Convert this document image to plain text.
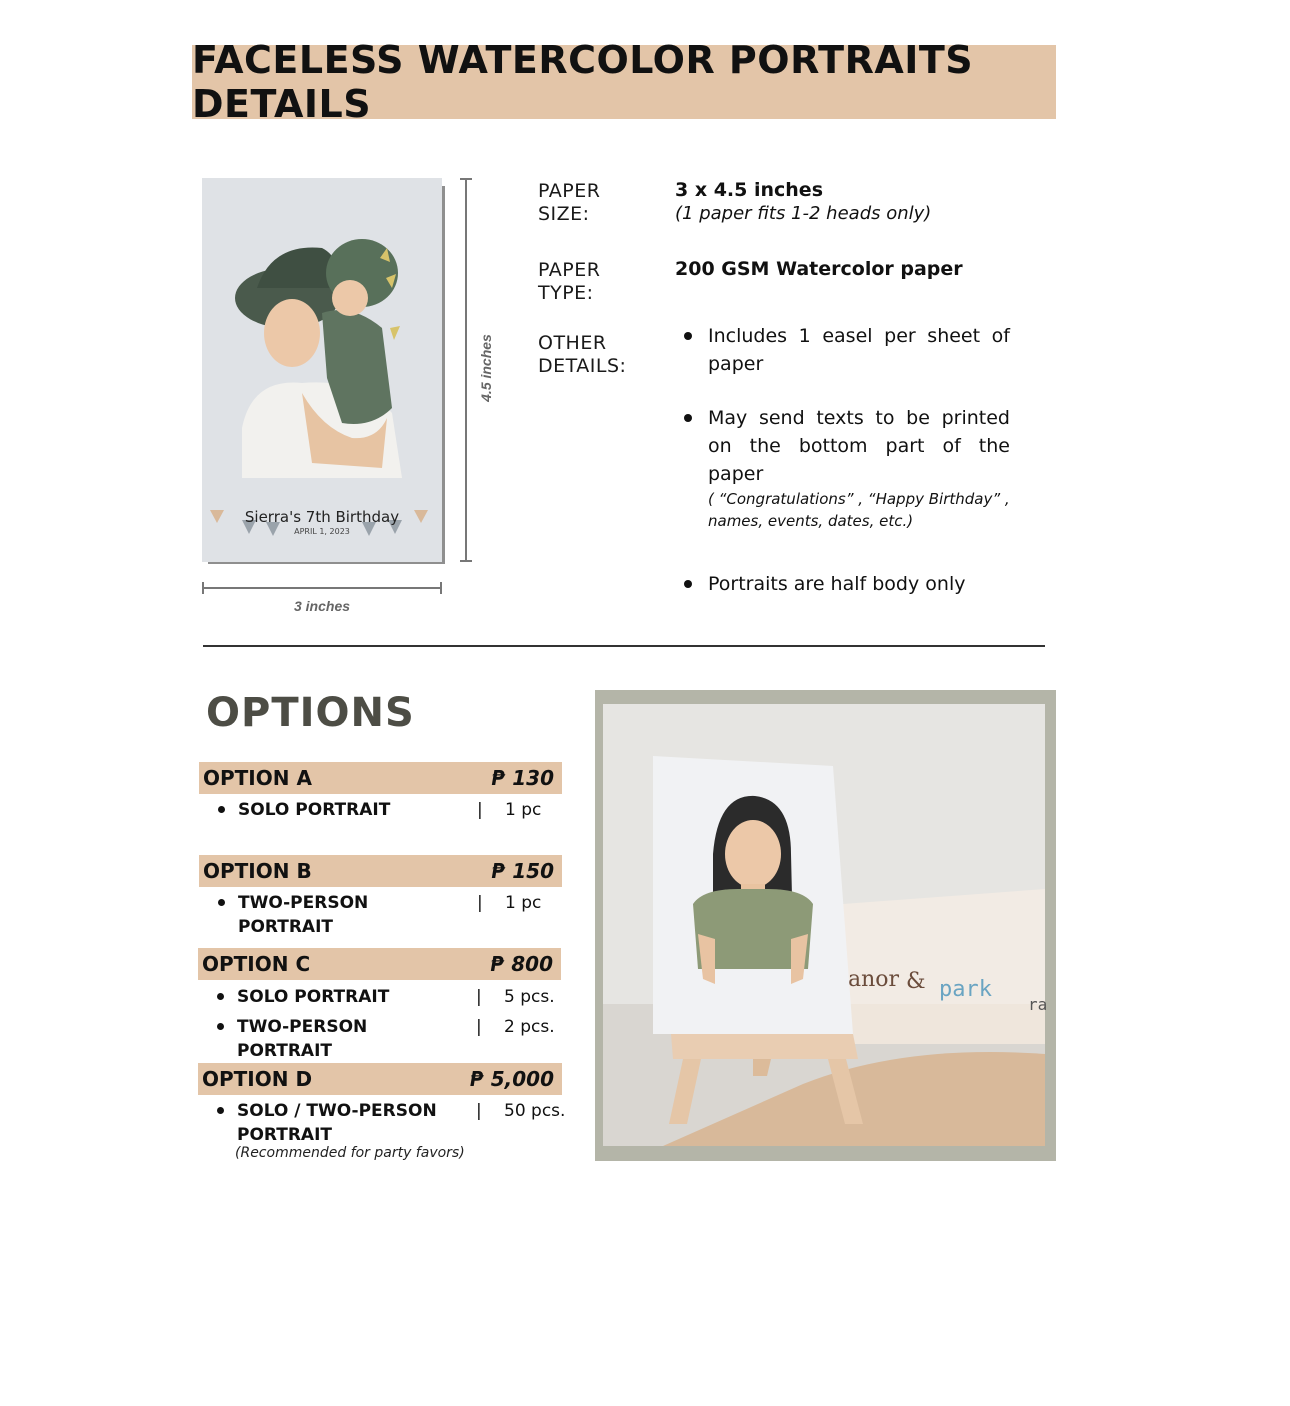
FACELESS WATERCOLOR PORTRAITS DETAILS
Sierra's 7th Birthday
APRIL 1, 2023
4.5 inches
3 inches
PAPER SIZE:
3 x 4.5 inches
(1 paper fits 1-2 heads only)
PAPER TYPE:
200 GSM Watercolor paper
OTHER DETAILS:
Includes 1 easel per sheet of paper
May send texts to be printed on the bottom part of the paper
( “Congratulations” , “Happy Birthday” , names, events, dates, etc.)
Portraits are half body only
OPTIONS
OPTION A	₱ 130
SOLO PORTRAIT	| 1 pc
OPTION B	₱ 150
TWO-PERSON PORTRAIT
| 1 pc
OPTION C	₱ 800
SOLO PORTRAIT	| 5 pcs.
TWO-PERSON PORTRAIT
| 2 pcs.
OPTION D	₱ 5,000
SOLO / TWO-PERSON PORTRAIT
| 50 pcs.
(Recommended for party favors)
anor & park
ra
